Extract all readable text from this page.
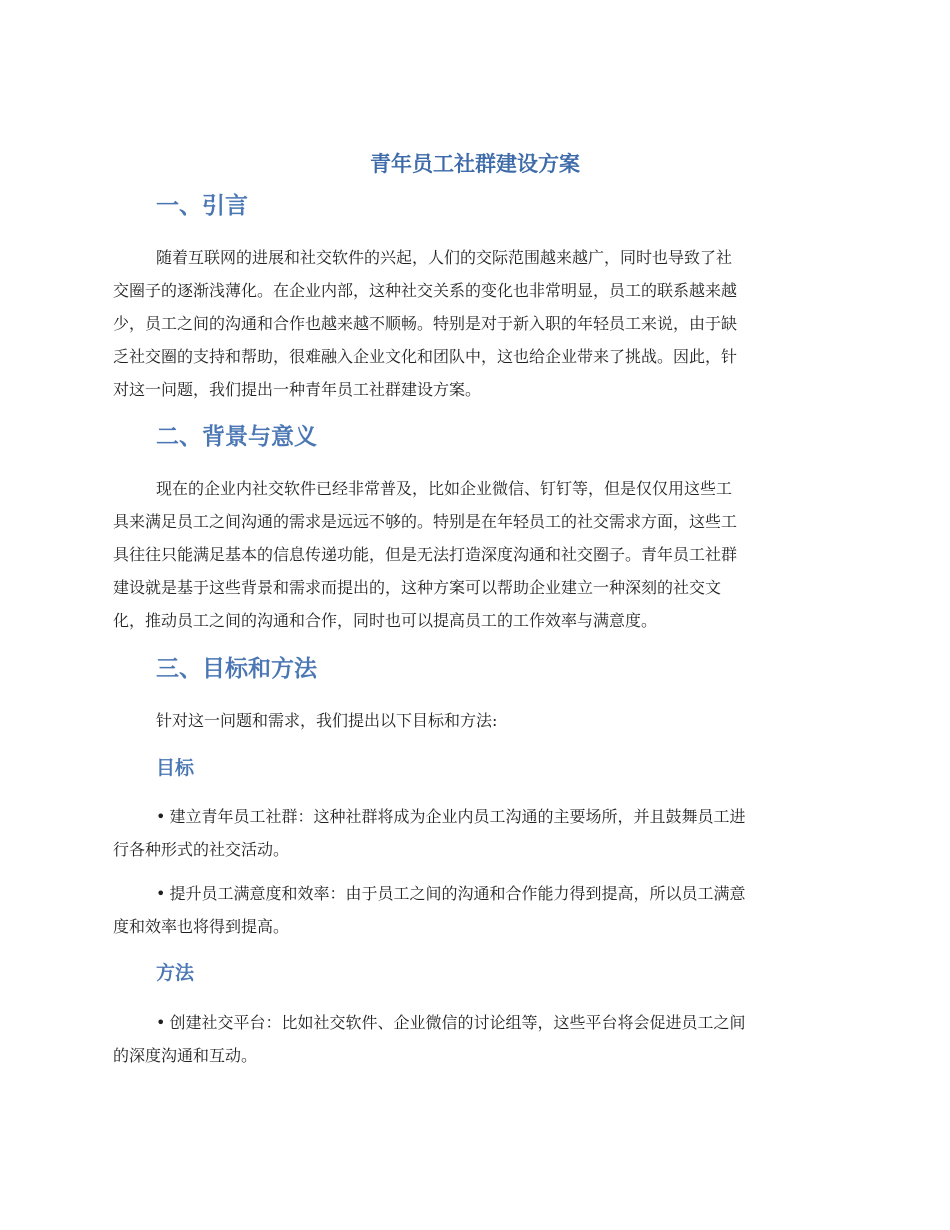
青年员工社群建设方案
一、引言

随着互联网的进展和社交软件的兴起，人们的交际范围越来越广，同时也导致了社
交圈子的逐渐浅薄化。在企业内部，这种社交关系的变化也非常明显，员工的联系越来越
少，员工之间的沟通和合作也越来越不顺畅。特别是对于新入职的年轻员工来说，由于缺
乏社交圈的支持和帮助，很难融入企业文化和团队中，这也给企业带来了挑战。因此，针
对这一问题，我们提出一种青年员工社群建设方案。

二、背景与意义

现在的企业内社交软件已经非常普及，比如企业微信、钉钉等，但是仅仅用这些工
具来满足员工之间沟通的需求是远远不够的。特别是在年轻员工的社交需求方面，这些工
具往往只能满足基本的信息传递功能，但是无法打造深度沟通和社交圈子。青年员工社群
建设就是基于这些背景和需求而提出的，这种方案可以帮助企业建立一种深刻的社交文
化，推动员工之间的沟通和合作，同时也可以提高员工的工作效率与满意度。

三、目标和方法

针对这一问题和需求，我们提出以下目标和方法:

目标

• 建立青年员工社群：这种社群将成为企业内员工沟通的主要场所，并且鼓舞员工进
行各种形式的社交活动。

• 提升员工满意度和效率：由于员工之间的沟通和合作能力得到提高，所以员工满意
度和效率也将得到提高。

方法

• 创建社交平台：比如社交软件、企业微信的讨论组等，这些平台将会促进员工之间
的深度沟通和互动。
